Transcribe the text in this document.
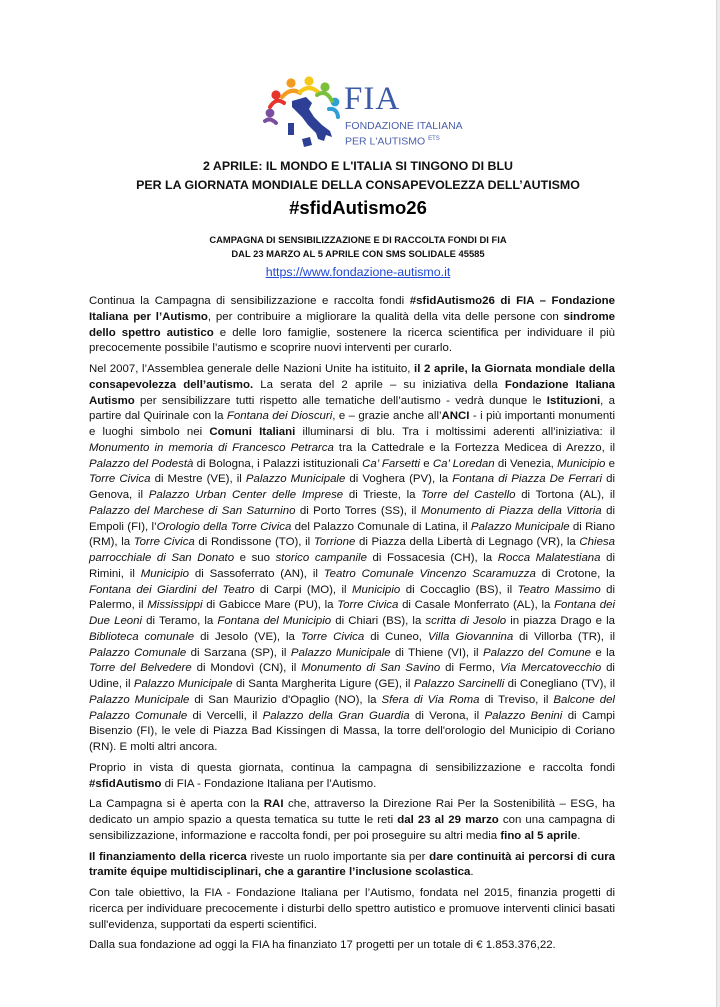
FIA
FONDAZIONE ITALIANA
PER L'AUTISMO $^{ETS}$
2 APRILE: IL MONDO E L'ITALIA SI TINGONO DI BLU
PER LA GIORNATA MONDIALE DELLA CONSAPEVOLEZZA DELL’AUTISMO
#sfidAutismo26
CAMPAGNA DI SENSIBILIZZAZIONE E DI RACCOLTA FONDI DI FIA
DAL 23 MARZO AL 5 APRILE CON SMS SOLIDALE 45585
https://www.fondazione-autismo.it

Continua la Campagna di sensibilizzazione e raccolta fondi #sfidAutismo26 di FIA – Fondazione Italiana per l’Autismo, per contribuire a migliorare la qualità della vita delle persone con sindrome dello spettro autistico e delle loro famiglie, sostenere la ricerca scientifica per individuare il più precocemente possibile l’autismo e scoprire nuovi interventi per curarlo.

Nel 2007, l’Assemblea generale delle Nazioni Unite ha istituito, il 2 aprile, la Giornata mondiale della consapevolezza dell’autismo. La serata del 2 aprile – su iniziativa della Fondazione Italiana Autismo per sensibilizzare tutti rispetto alle tematiche dell’autismo - vedrà dunque le Istituzioni, a partire dal Quirinale con la Fontana dei Dioscuri, e – grazie anche all’ANCI - i più importanti monumenti e luoghi simbolo nei Comuni Italiani illuminarsi di blu. Tra i moltissimi aderenti all’iniziativa: il Monumento in memoria di Francesco Petrarca tra la Cattedrale e la Fortezza Medicea di Arezzo, il Palazzo del Podestà di Bologna, i Palazzi istituzionali Ca’ Farsetti e Ca’ Loredan di Venezia, Municipio e Torre Civica di Mestre (VE), il Palazzo Municipale di Voghera (PV), la Fontana di Piazza De Ferrari di Genova, il Palazzo Urban Center delle Imprese di Trieste, la Torre del Castello di Tortona (AL), il Palazzo del Marchese di San Saturnino di Porto Torres (SS), il Monumento di Piazza della Vittoria di Empoli (FI), l’Orologio della Torre Civica del Palazzo Comunale di Latina, il Palazzo Municipale di Riano (RM), la Torre Civica di Rondissone (TO), il Torrione di Piazza della Libertà di Legnago (VR), la Chiesa parrocchiale di San Donato e suo storico campanile di Fossacesia (CH), la Rocca Malatestiana di Rimini, il Municipio di Sassoferrato (AN), il Teatro Comunale Vincenzo Scaramuzza di Crotone, la Fontana dei Giardini del Teatro di Carpi (MO), il Municipio di Coccaglio (BS), il Teatro Massimo di Palermo, il Mississippi di Gabicce Mare (PU), la Torre Civica di Casale Monferrato (AL), la Fontana dei Due Leoni di Teramo, la Fontana del Municipio di Chiari (BS), la scritta di Jesolo in piazza Drago e la Biblioteca comunale di Jesolo (VE), la Torre Civica di Cuneo, Villa Giovannina di Villorba (TR), il Palazzo Comunale di Sarzana (SP), il Palazzo Municipale di Thiene (VI), il Palazzo del Comune e la Torre del Belvedere di Mondovì (CN), il Monumento di San Savino di Fermo, Via Mercatovecchio di Udine, il Palazzo Municipale di Santa Margherita Ligure (GE), il Palazzo Sarcinelli di Conegliano (TV), il Palazzo Municipale di San Maurizio d'Opaglio (NO), la Sfera di Via Roma di Treviso, il Balcone del Palazzo Comunale di Vercelli, il Palazzo della Gran Guardia di Verona, il Palazzo Benini di Campi Bisenzio (FI), le vele di Piazza Bad Kissingen di Massa, la torre dell'orologio del Municipio di Coriano (RN). E molti altri ancora.

Proprio in vista di questa giornata, continua la campagna di sensibilizzazione e raccolta fondi #sfidAutismo di FIA - Fondazione Italiana per l’Autismo.

La Campagna si è aperta con la RAI che, attraverso la Direzione Rai Per la Sostenibilità – ESG, ha dedicato un ampio spazio a questa tematica su tutte le reti dal 23 al 29 marzo con una campagna di sensibilizzazione, informazione e raccolta fondi, per poi proseguire su altri media fino al 5 aprile.

Il finanziamento della ricerca riveste un ruolo importante sia per dare continuità ai percorsi di cura tramite équipe multidisciplinari, che a garantire l’inclusione scolastica.

Con tale obiettivo, la FIA - Fondazione Italiana per l’Autismo, fondata nel 2015, finanzia progetti di ricerca per individuare precocemente i disturbi dello spettro autistico e promuove interventi clinici basati sull'evidenza, supportati da esperti scientifici.

Dalla sua fondazione ad oggi la FIA ha finanziato 17 progetti per un totale di € 1.853.376,22.
